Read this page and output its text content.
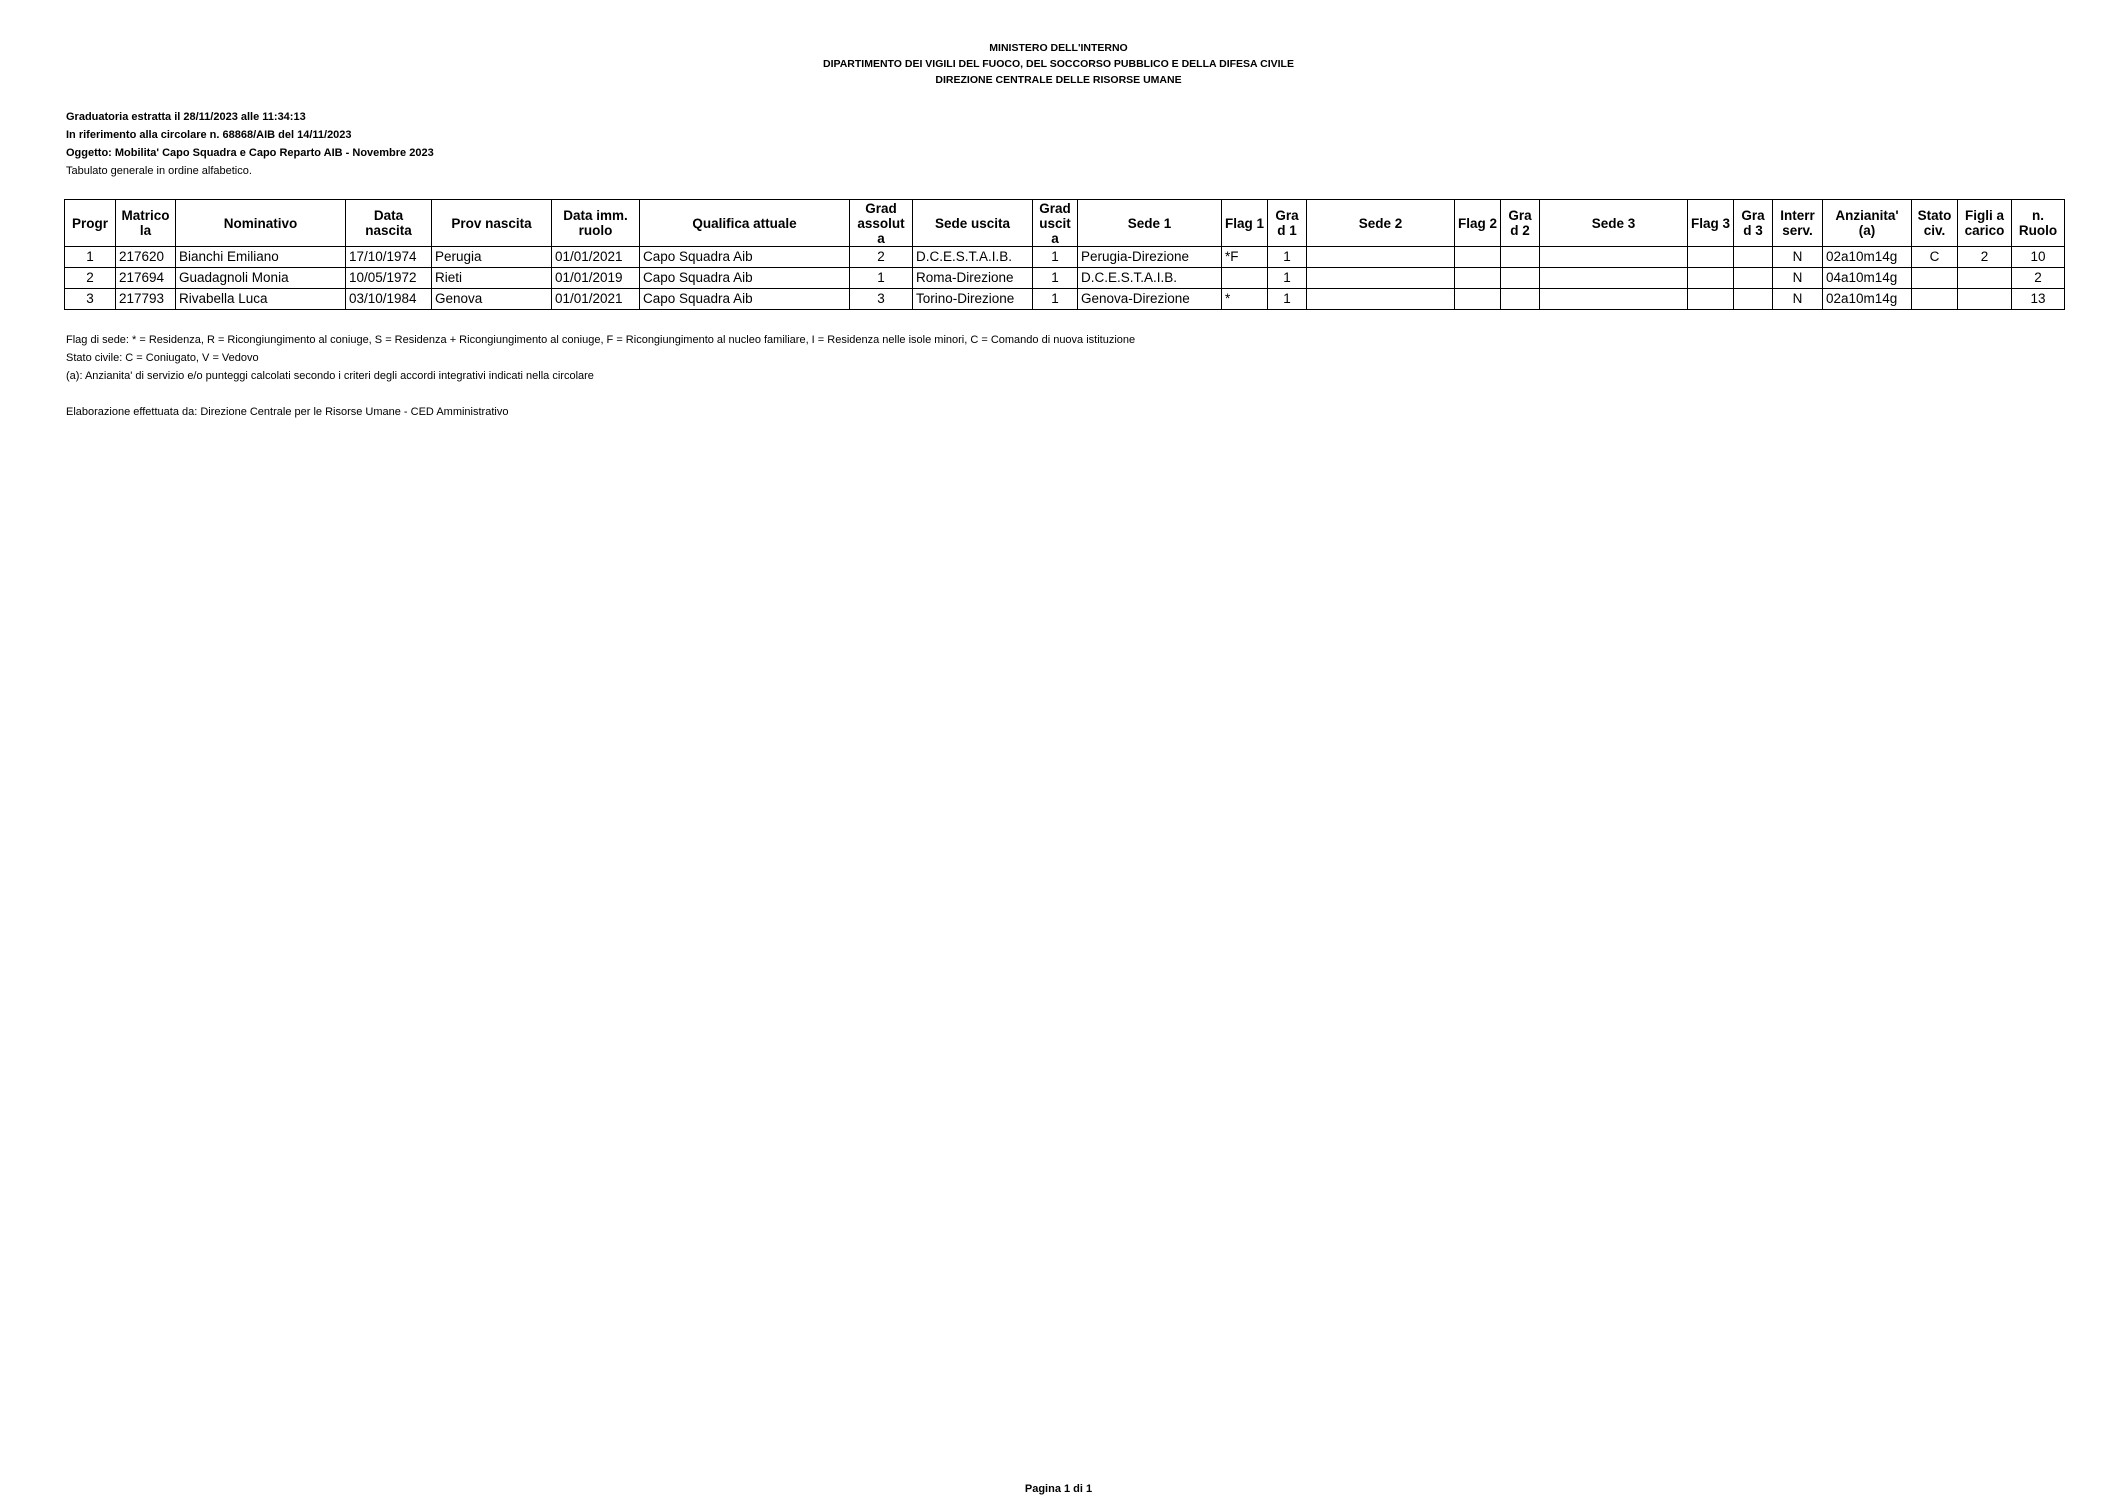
MINISTERO DELL'INTERNO
DIPARTIMENTO DEI VIGILI DEL FUOCO, DEL SOCCORSO PUBBLICO E DELLA DIFESA CIVILE
DIREZIONE CENTRALE DELLE RISORSE UMANE
Graduatoria estratta il 28/11/2023 alle 11:34:13
In riferimento alla circolare n. 68868/AIB del 14/11/2023
Oggetto: Mobilita' Capo Squadra e Capo Reparto AIB - Novembre 2023
Tabulato generale in ordine alfabetico.
Progr	Matrico la	Nominativo	Data nascita	Prov nascita	Data imm. ruolo	Qualifica attuale	Grad assolut a	Sede uscita	Grad uscit a	Sede 1	Flag 1	Gra d 1	Sede 2	Flag 2	Gra d 2	Sede 3	Flag 3	Gra d 3	Interr serv.	Anzianita' (a)	Stato civ.	Figli a carico	n. Ruolo
1	217620	Bianchi Emiliano	17/10/1974	Perugia	01/01/2021	Capo Squadra Aib	2	D.C.E.S.T.A.I.B.	1	Perugia-Direzione	*F	1							N	02a10m14g	C	2	10
2	217694	Guadagnoli Monia	10/05/1972	Rieti	01/01/2019	Capo Squadra Aib	1	Roma-Direzione	1	D.C.E.S.T.A.I.B.		1							N	04a10m14g			2
3	217793	Rivabella Luca	03/10/1984	Genova	01/01/2021	Capo Squadra Aib	3	Torino-Direzione	1	Genova-Direzione	*	1							N	02a10m14g			13
Flag di sede: * = Residenza, R = Ricongiungimento al coniuge, S = Residenza + Ricongiungimento al coniuge, F = Ricongiungimento al nucleo familiare, I = Residenza nelle isole minori, C = Comando di nuova istituzione
Stato civile: C = Coniugato, V = Vedovo
(a): Anzianita' di servizio e/o punteggi calcolati secondo i criteri degli accordi integrativi indicati nella circolare
Elaborazione effettuata da: Direzione Centrale per le Risorse Umane - CED Amministrativo
Pagina 1 di 1
